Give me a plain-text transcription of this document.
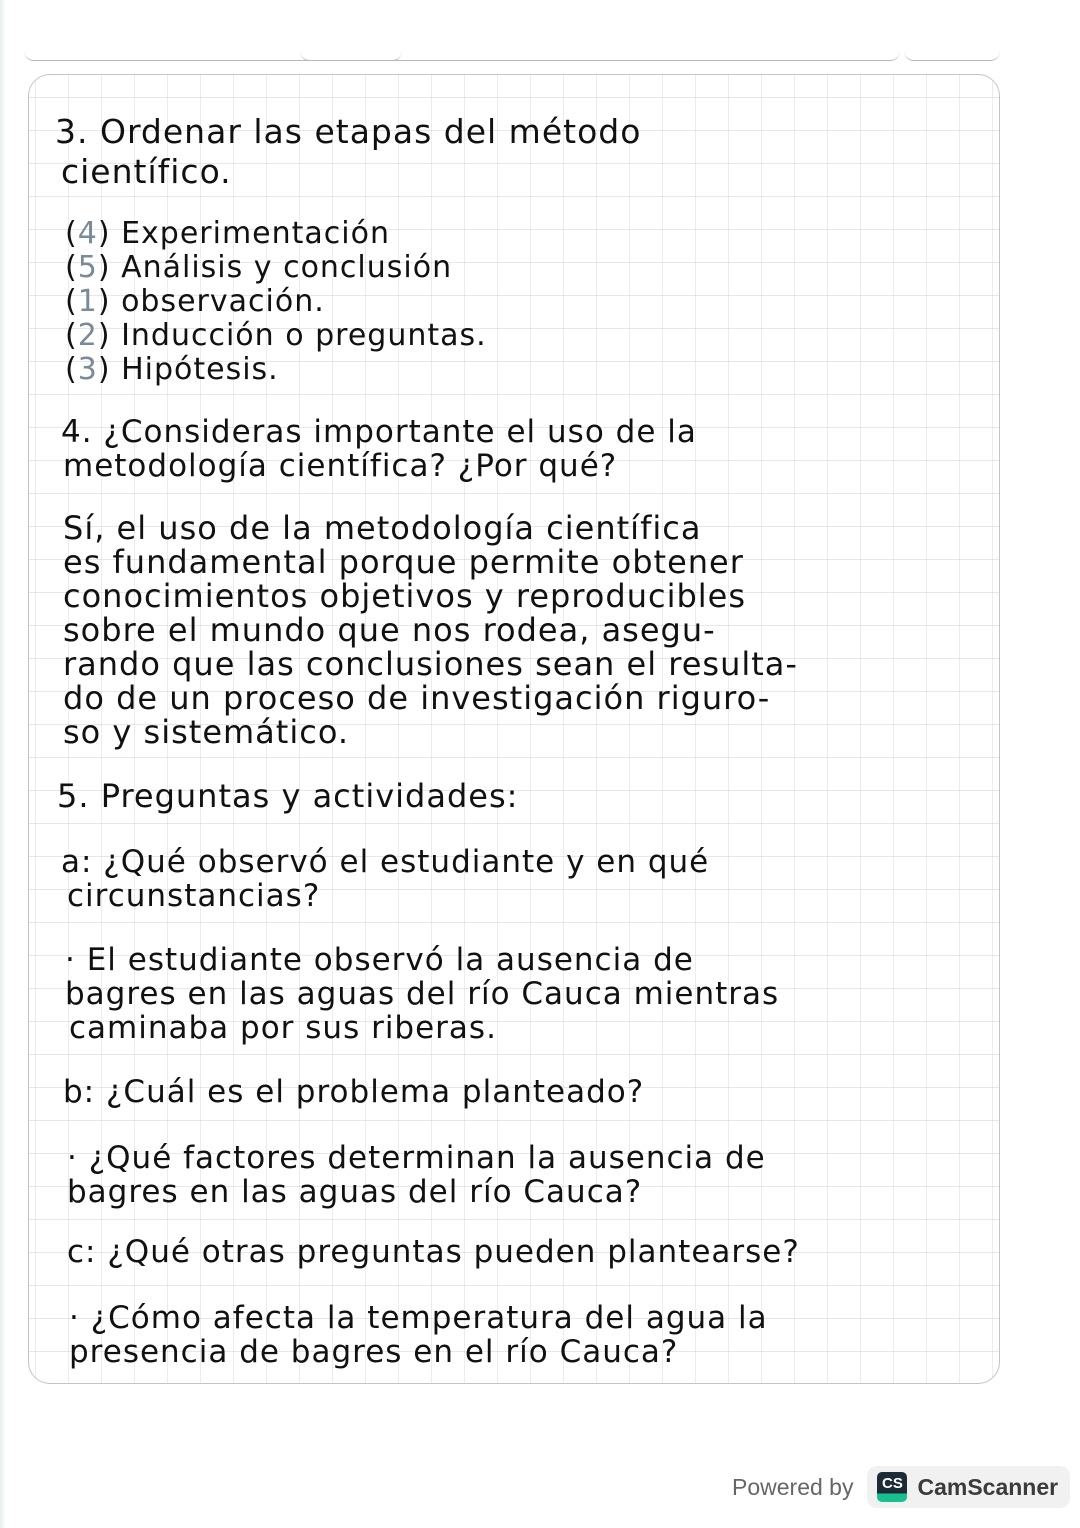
3. Ordenar las etapas del método
científico.
(4) Experimentación
(5) Análisis y conclusión
(1) observación.
(2) Inducción o preguntas.
(3) Hipótesis.
4. ¿Consideras importante el uso de la
metodología científica? ¿Por qué?
Sí, el uso de la metodología científica
es fundamental porque permite obtener
conocimientos objetivos y reproducibles
sobre el mundo que nos rodea, asegu-
rando que las conclusiones sean el resulta-
do de un proceso de investigación riguro-
so y sistemático.
5. Preguntas y actividades:
a: ¿Qué observó el estudiante y en qué
circunstancias?
· El estudiante observó la ausencia de
bagres en las aguas del río Cauca mientras
caminaba por sus riberas.
b: ¿Cuál es el problema planteado?
· ¿Qué factores determinan la ausencia de
bagres en las aguas del río Cauca?
c: ¿Qué otras preguntas pueden plantearse?
· ¿Cómo afecta la temperatura del agua la
presencia de bagres en el río Cauca?
Powered by	CS CamScanner
